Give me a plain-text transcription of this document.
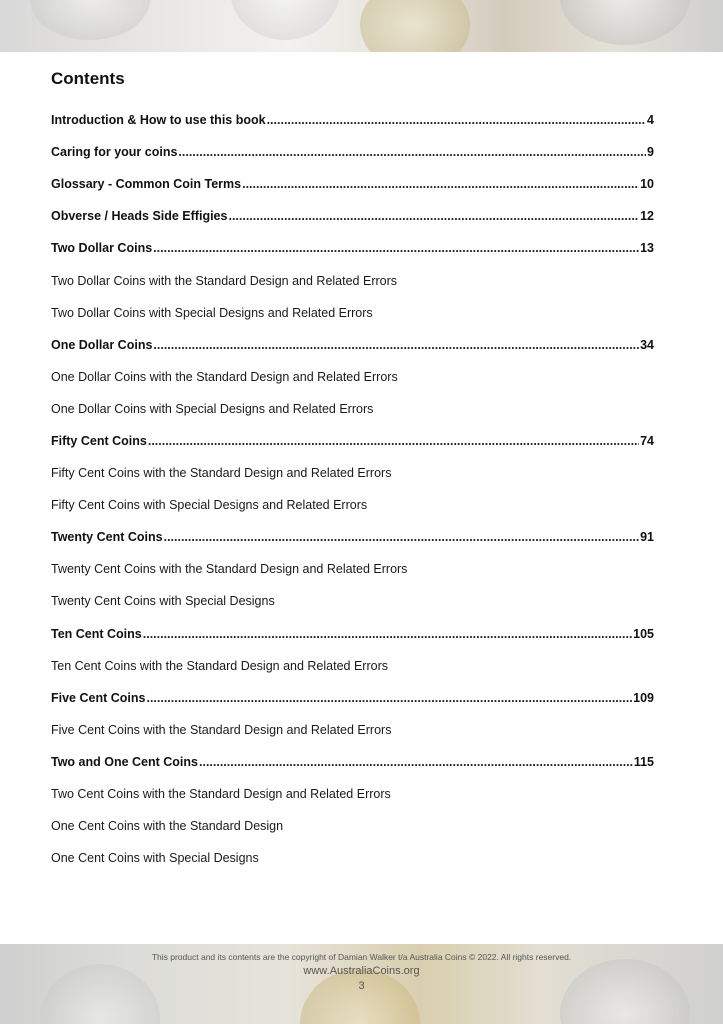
Contents
Introduction & How to use this book .....	4
Caring for your coins .....	9
Glossary - Common Coin Terms .....	10
Obverse / Heads Side Effigies .....	12
Two Dollar Coins .....	13
Two Dollar Coins with the Standard Design and Related Errors
Two Dollar Coins with Special Designs and Related Errors
One Dollar Coins .....	34
One Dollar Coins with the Standard Design and Related Errors
One Dollar Coins with Special Designs and Related Errors
Fifty Cent Coins .....	74
Fifty Cent Coins with the Standard Design and Related Errors
Fifty Cent Coins with Special Designs and Related Errors
Twenty Cent Coins .....	91
Twenty Cent Coins with the Standard Design and Related Errors
Twenty Cent Coins with Special Designs
Ten Cent Coins .....	105
Ten Cent Coins with the Standard Design and Related Errors
Five Cent Coins .....	109
Five Cent Coins with the Standard Design and Related Errors
Two and One Cent Coins .....	115
Two Cent Coins with the Standard Design and Related Errors
One Cent Coins with the Standard Design
One Cent Coins with Special Designs
This product and its contents are the copyright of Damian Walker t/a Australia Coins © 2022. All rights reserved.
www.AustraliaCoins.org
3
